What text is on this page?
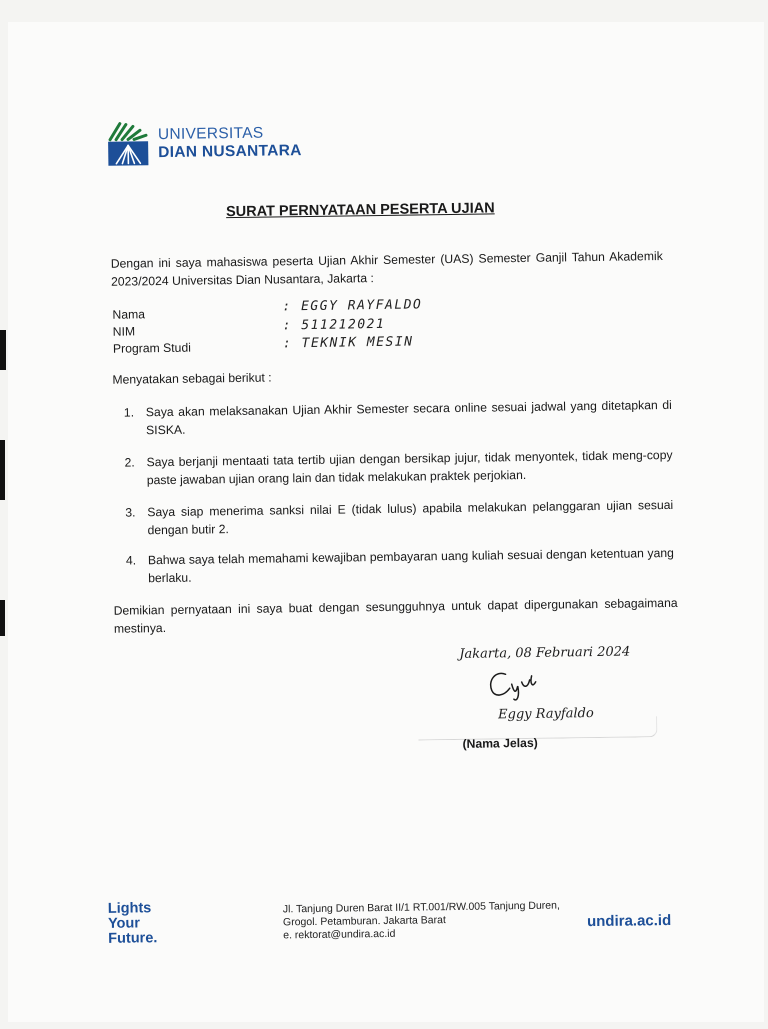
UNIVERSITAS
DIAN NUSANTARA
SURAT PERNYATAAN PESERTA UJIAN
Dengan ini saya mahasiswa peserta Ujian Akhir Semester (UAS) Semester Ganjil Tahun Akademik 2023/2024 Universitas Dian Nusantara, Jakarta :
Nama
: EGGY RAYFALDO
NIM	: 511212021
Program Studi	: TEKNIK MESIN
Menyatakan sebagai berikut :
1. Saya akan melaksanakan Ujian Akhir Semester secara online sesuai jadwal yang ditetapkan di SISKA.
2. Saya berjanji mentaati tata tertib ujian dengan bersikap jujur, tidak menyontek, tidak meng-copy paste jawaban ujian orang lain dan tidak melakukan praktek perjokian.
3. Saya siap menerima sanksi nilai E (tidak lulus) apabila melakukan pelanggaran ujian sesuai dengan butir 2.
4. Bahwa saya telah memahami kewajiban pembayaran uang kuliah sesuai dengan ketentuan yang berlaku.
Demikian pernyataan ini saya buat dengan sesungguhnya untuk dapat dipergunakan sebagaimana mestinya.
Jakarta, 08 Februari 2024
Eggy Rayfaldo
(Nama Jelas)
Lights
Your
Future.
Jl. Tanjung Duren Barat II/1 RT.001/RW.005 Tanjung Duren,
Grogol. Petamburan. Jakarta Barat
e. rektorat@undira.ac.id
undira.ac.id
